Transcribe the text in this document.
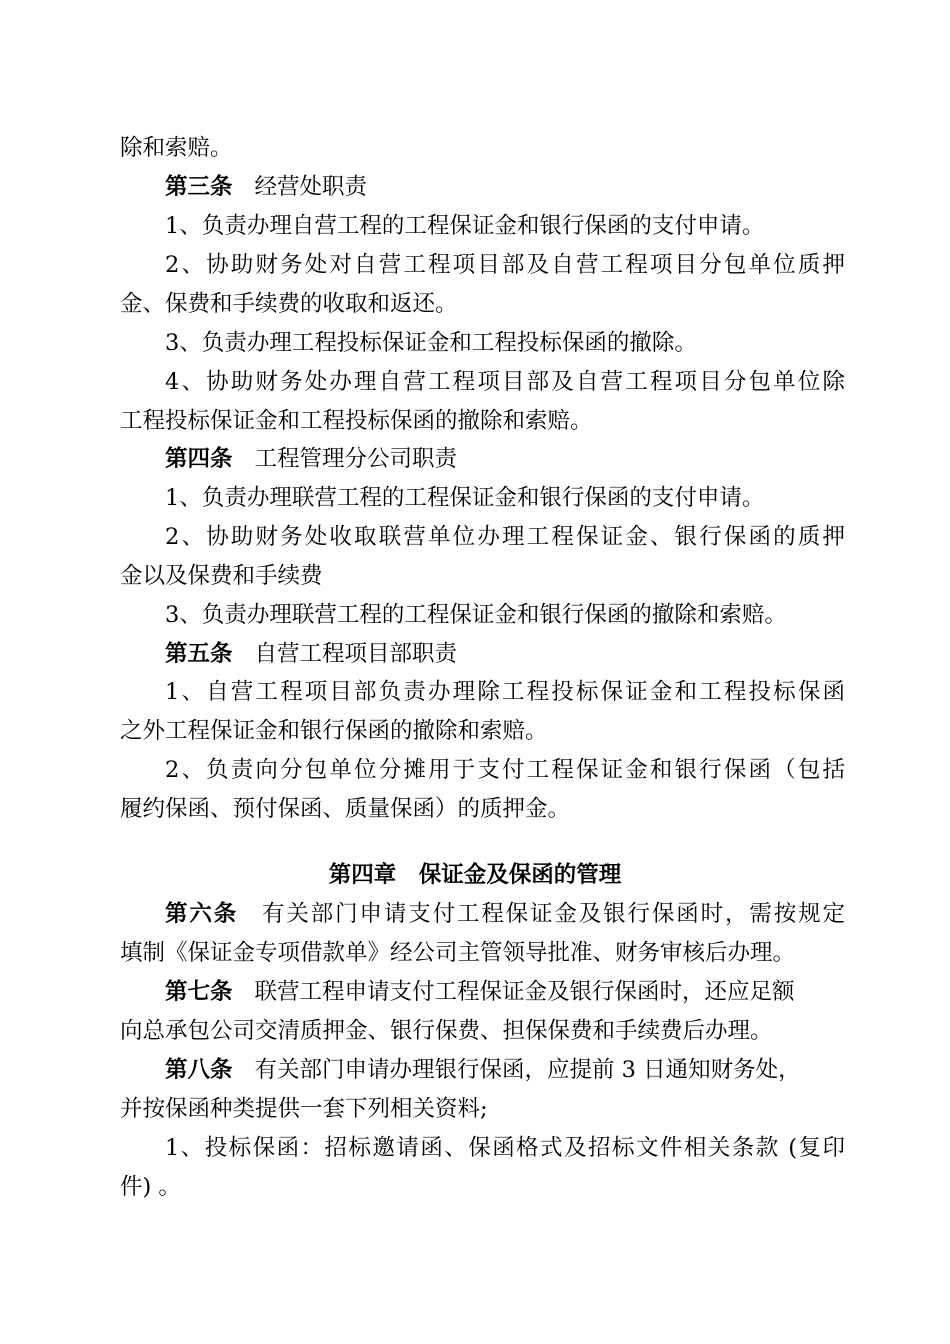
除和索赔。
第三条 经营处职责
1、负责办理自营工程的工程保证金和银行保函的支付申请。
2、协助财务处对自营工程项目部及自营工程项目分包单位质押
金、保费和手续费的收取和返还。
3、负责办理工程投标保证金和工程投标保函的撤除。
4、协助财务处办理自营工程项目部及自营工程项目分包单位除
工程投标保证金和工程投标保函的撤除和索赔。
第四条 工程管理分公司职责
1、负责办理联营工程的工程保证金和银行保函的支付申请。
2、协助财务处收取联营单位办理工程保证金、银行保函的质押
金以及保费和手续费
3、负责办理联营工程的工程保证金和银行保函的撤除和索赔。
第五条 自营工程项目部职责
1、自营工程项目部负责办理除工程投标保证金和工程投标保函
之外工程保证金和银行保函的撤除和索赔。
2、负责向分包单位分摊用于支付工程保证金和银行保函（包括
履约保函、预付保函、质量保函）的质押金。
第四章　保证金及保函的管理
第六条 有关部门申请支付工程保证金及银行保函时，需按规定
填制《保证金专项借款单》经公司主管领导批准、财务审核后办理。
第七条 联营工程申请支付工程保证金及银行保函时，还应足额
向总承包公司交清质押金、银行保费、担保保费和手续费后办理。
第八条 有关部门申请办理银行保函，应提前 3 日通知财务处，
并按保函种类提供一套下列相关资料;
1、投标保函：招标邀请函、保函格式及招标文件相关条款 (复印
件) 。
